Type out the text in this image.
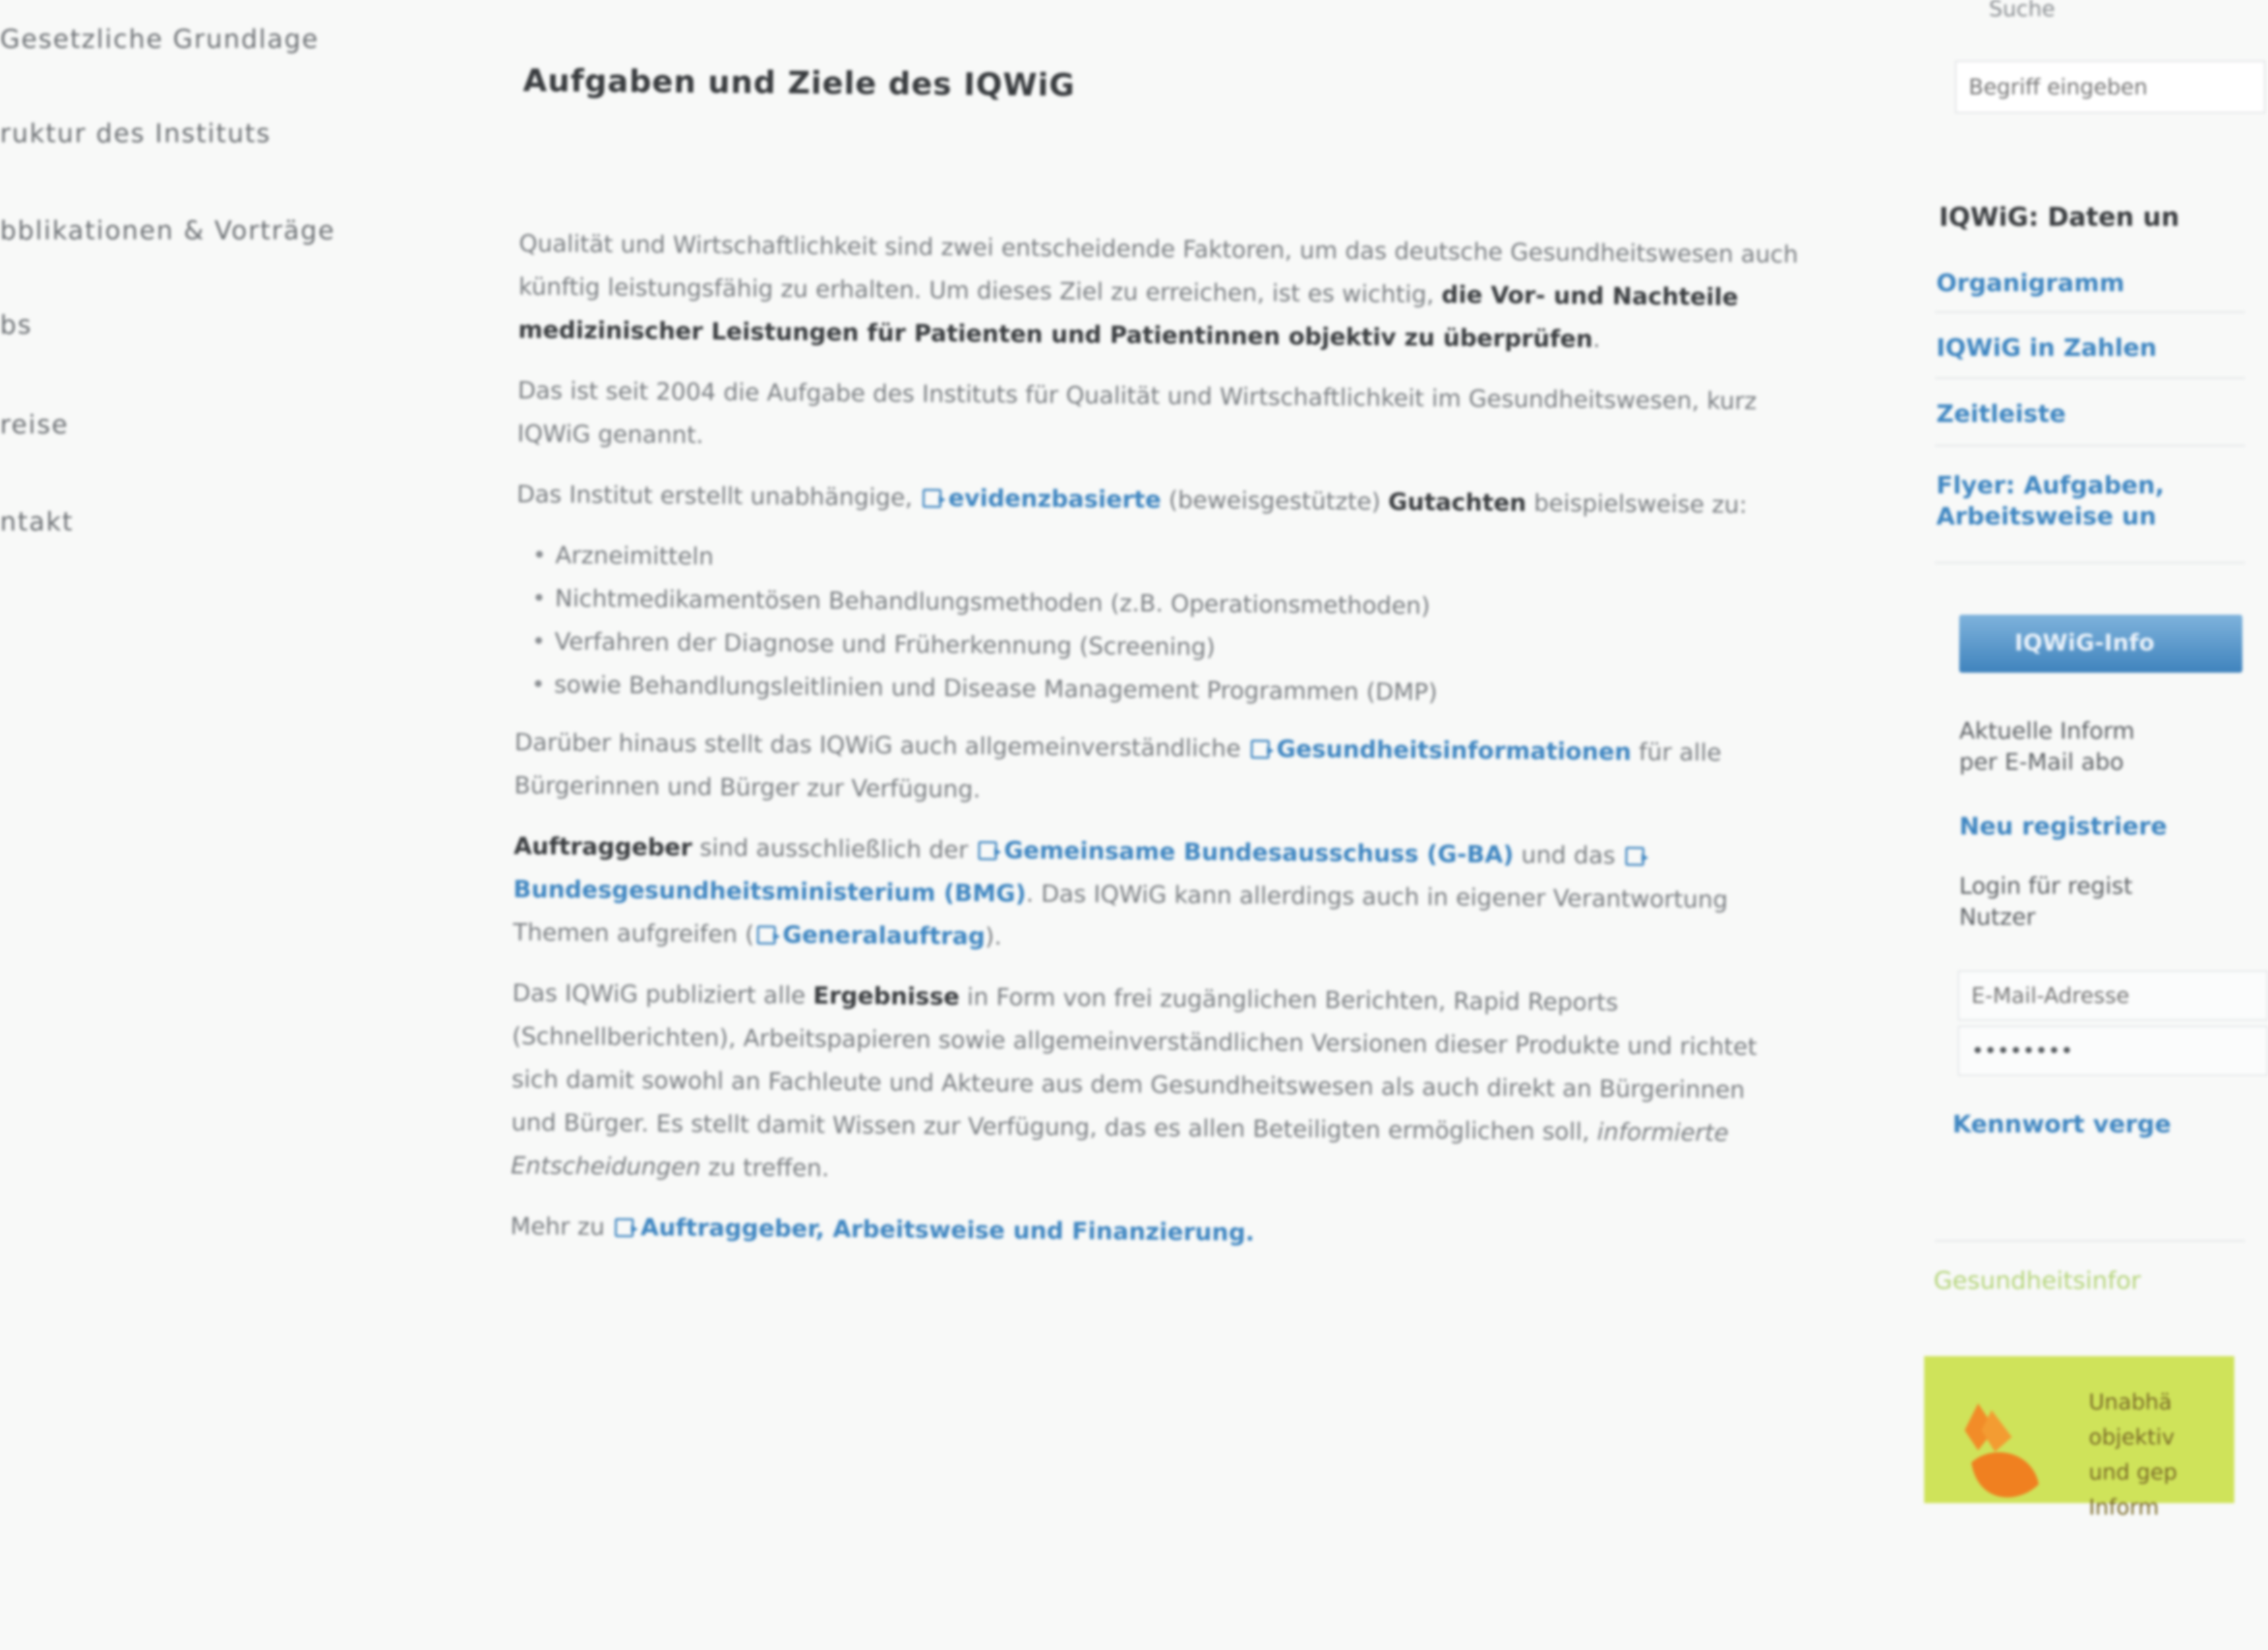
Gesetzliche Grundlage
ruktur des Instituts
bblikationen & Vorträge
bs
reise
ntakt
Aufgaben und Ziele des IQWiG

Qualität und Wirtschaftlichkeit sind zwei entscheidende Faktoren, um das deutsche Gesundheitswesen auch künftig leistungsfähig zu erhalten. Um dieses Ziel zu erreichen, ist es wichtig, die Vor- und Nachteile medizinischer Leistungen für Patienten und Patientinnen objektiv zu überprüfen.

Das ist seit 2004 die Aufgabe des Instituts für Qualität und Wirtschaftlichkeit im Gesundheitswesen, kurz IQWiG genannt.

Das Institut erstellt unabhängige, evidenzbasierte (beweisgestützte) Gutachten beispielsweise zu:

• Arzneimitteln
• Nichtmedikamentösen Behandlungsmethoden (z.B. Operationsmethoden)
• Verfahren der Diagnose und Früherkennung (Screening)
• sowie Behandlungsleitlinien und Disease Management Programmen (DMP)

Darüber hinaus stellt das IQWiG auch allgemeinverständliche Gesundheitsinformationen für alle Bürgerinnen und Bürger zur Verfügung.

Auftraggeber sind ausschließlich der Gemeinsame Bundesausschuss (G-BA) und das Bundesgesundheitsministerium (BMG). Das IQWiG kann allerdings auch in eigener Verantwortung Themen aufgreifen ( Generalauftrag).

Das IQWiG publiziert alle Ergebnisse in Form von frei zugänglichen Berichten, Rapid Reports (Schnellberichten), Arbeitspapieren sowie allgemeinverständlichen Versionen dieser Produkte und richtet sich damit sowohl an Fachleute und Akteure aus dem Gesundheitswesen als auch direkt an Bürgerinnen und Bürger. Es stellt damit Wissen zur Verfügung, das es allen Beteiligten ermöglichen soll, informierte Entscheidungen zu treffen.

Mehr zu Auftraggeber, Arbeitsweise und Finanzierung.

Suche
Begriff eingeben
IQWiG: Daten un
Organigramm
IQWiG in Zahlen
Zeitleiste
Flyer: Aufgaben,
Arbeitsweise un
IQWiG-Info
Aktuelle Inform
per E-Mail abo
Neu registriere
Login für regist
Nutzer
E-Mail-Adresse
••••••••
Kennwort verge
Gesundheitsinfor
Unabhä
objektiv
und gep
Inform
